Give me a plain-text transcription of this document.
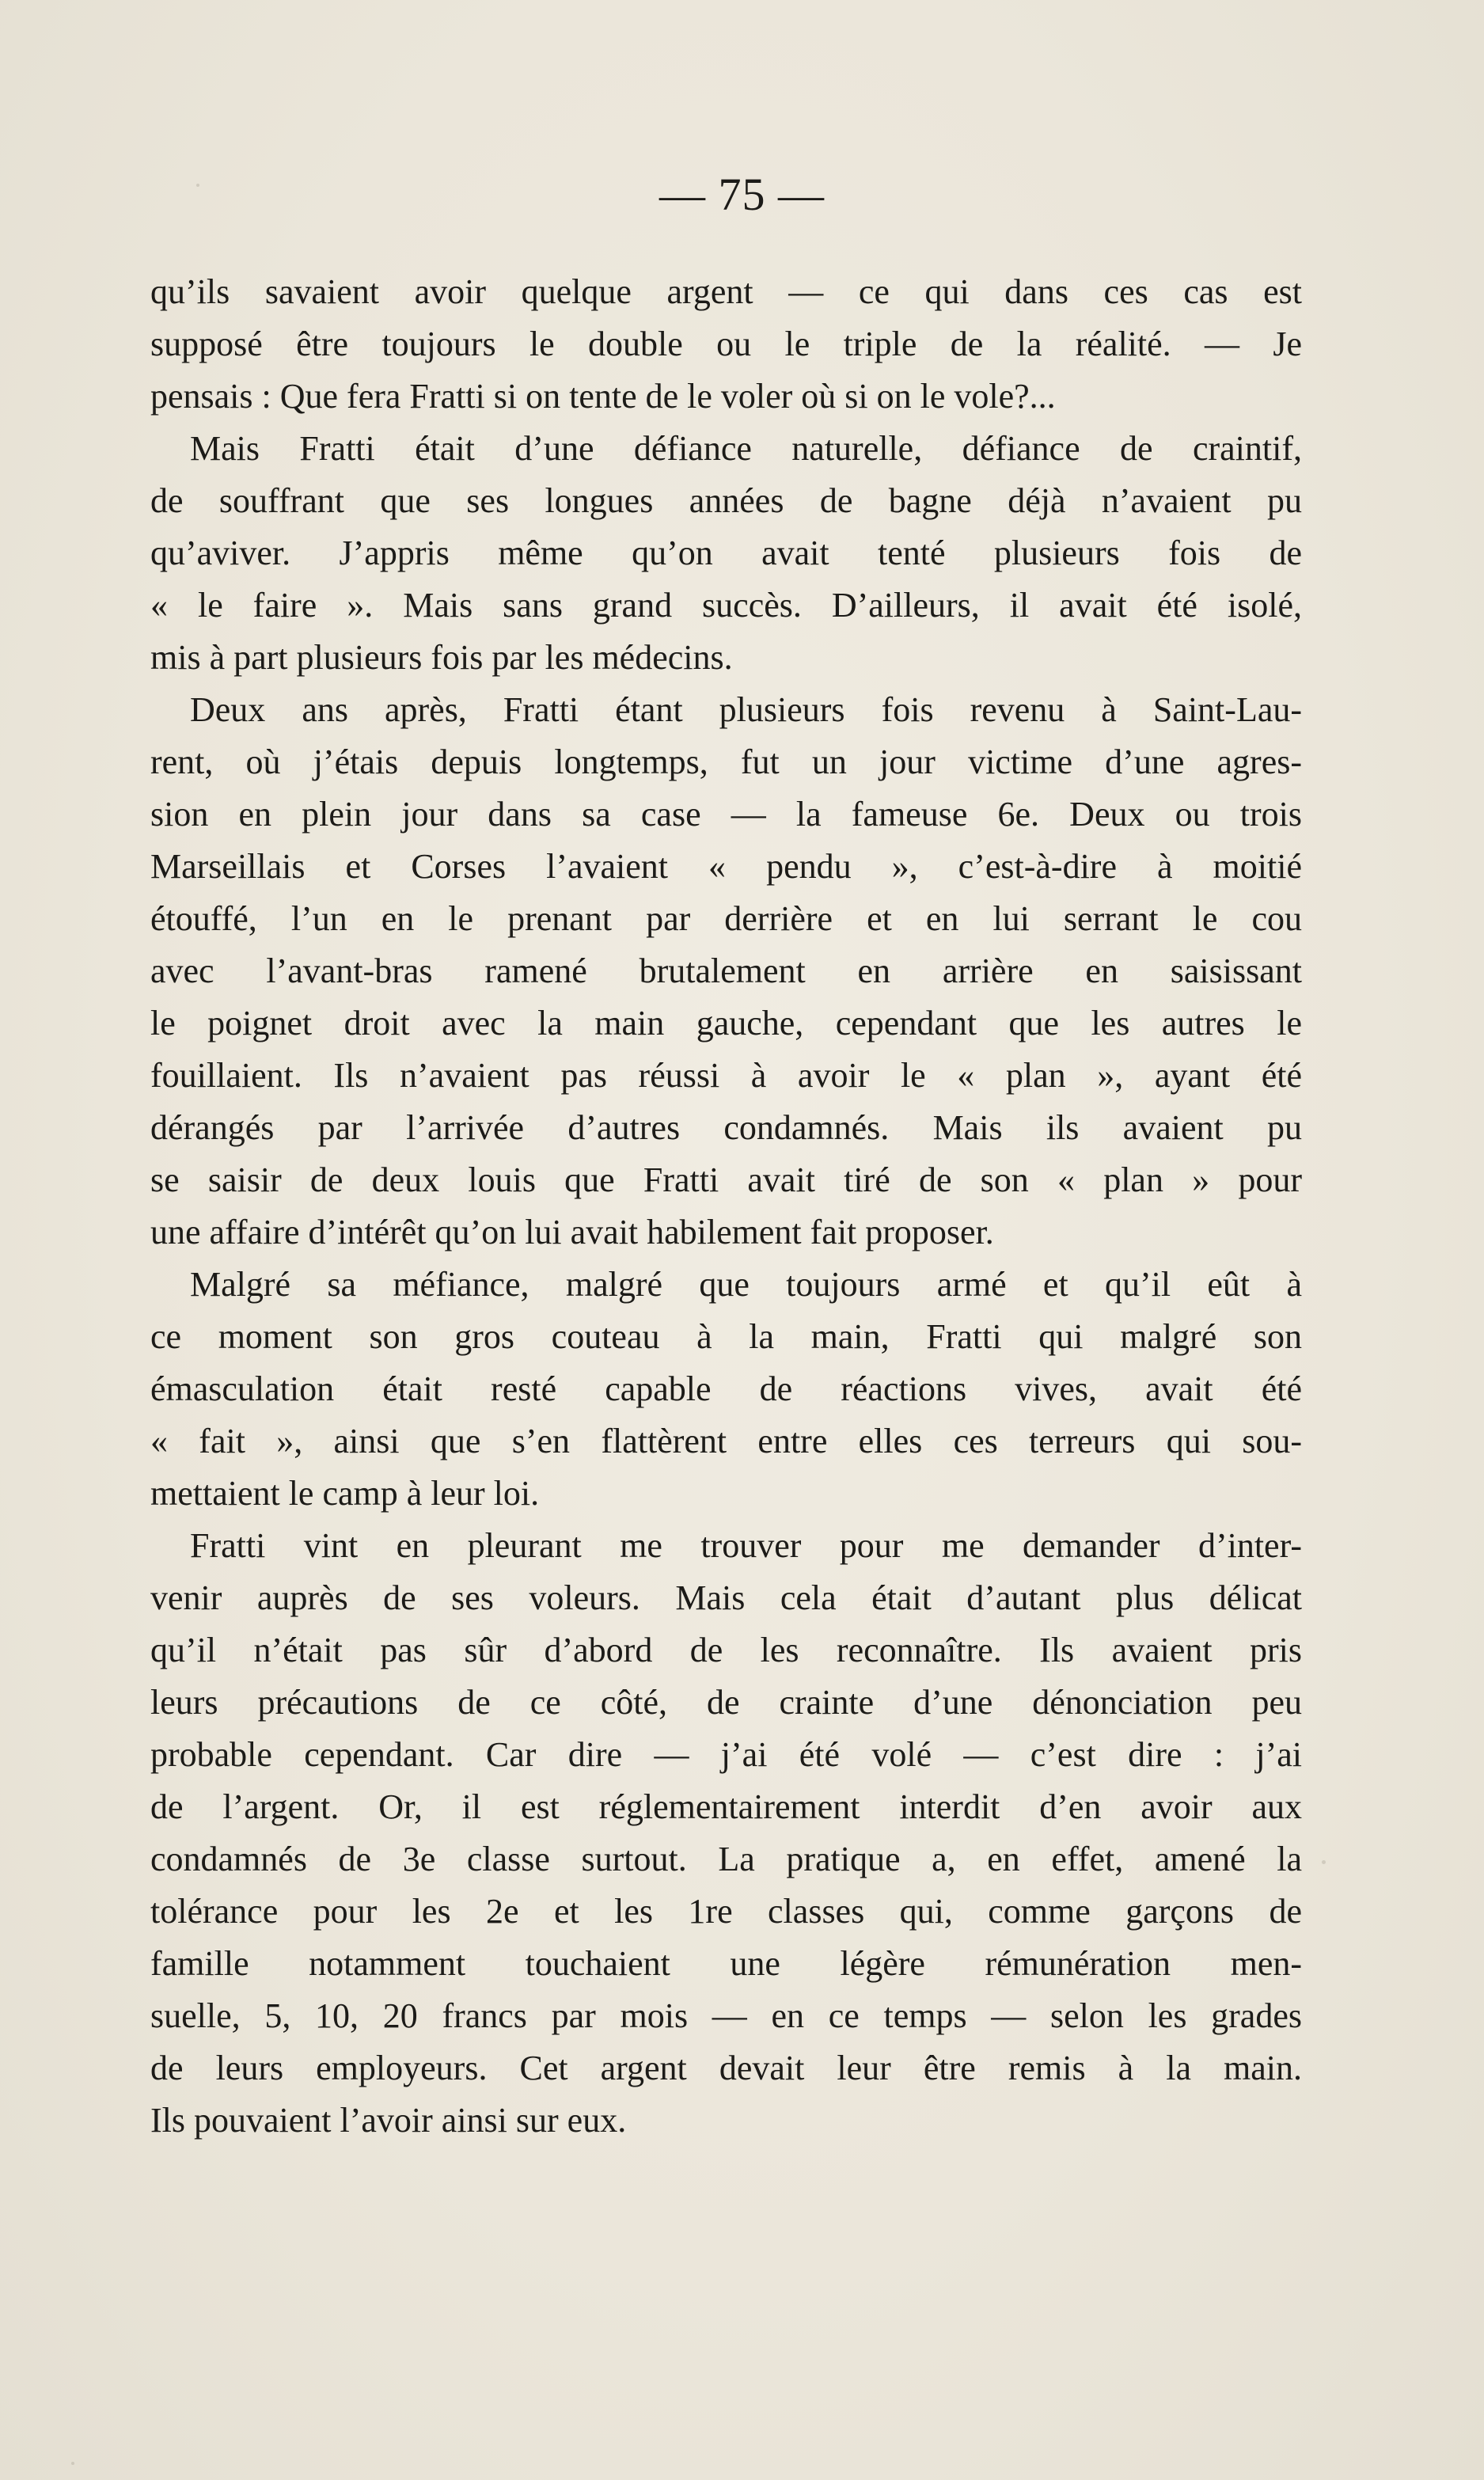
— 75 —
qu’ils savaient avoir quelque argent — ce qui dans ces cas est
supposé être toujours le double ou le triple de la réalité. — Je
pensais : Que fera Fratti si on tente de le voler où si on le vole?...
Mais Fratti était d’une défiance naturelle, défiance de craintif,
de souffrant que ses longues années de bagne déjà n’avaient pu
qu’aviver. J’appris même qu’on avait tenté plusieurs fois de
« le faire ». Mais sans grand succès. D’ailleurs, il avait été isolé,
mis à part plusieurs fois par les médecins.
Deux ans après, Fratti étant plusieurs fois revenu à Saint-Lau-
rent, où j’étais depuis longtemps, fut un jour victime d’une agres-
sion en plein jour dans sa case — la fameuse 6e. Deux ou trois
Marseillais et Corses l’avaient « pendu », c’est-à-dire à moitié
étouffé, l’un en le prenant par derrière et en lui serrant le cou
avec l’avant-bras ramené brutalement en arrière en saisissant
le poignet droit avec la main gauche, cependant que les autres le
fouillaient. Ils n’avaient pas réussi à avoir le « plan », ayant été
dérangés par l’arrivée d’autres condamnés. Mais ils avaient pu
se saisir de deux louis que Fratti avait tiré de son « plan » pour
une affaire d’intérêt qu’on lui avait habilement fait proposer.
Malgré sa méfiance, malgré que toujours armé et qu’il eût à
ce moment son gros couteau à la main, Fratti qui malgré son
émasculation était resté capable de réactions vives, avait été
« fait », ainsi que s’en flattèrent entre elles ces terreurs qui sou-
mettaient le camp à leur loi.
Fratti vint en pleurant me trouver pour me demander d’inter-
venir auprès de ses voleurs. Mais cela était d’autant plus délicat
qu’il n’était pas sûr d’abord de les reconnaître. Ils avaient pris
leurs précautions de ce côté, de crainte d’une dénonciation peu
probable cependant. Car dire — j’ai été volé — c’est dire : j’ai
de l’argent. Or, il est réglementairement interdit d’en avoir aux
condamnés de 3e classe surtout. La pratique a, en effet, amené la
tolérance pour les 2e et les 1re classes qui, comme garçons de
famille notamment touchaient une légère rémunération men-
suelle, 5, 10, 20 francs par mois — en ce temps — selon les grades
de leurs employeurs. Cet argent devait leur être remis à la main.
Ils pouvaient l’avoir ainsi sur eux.
